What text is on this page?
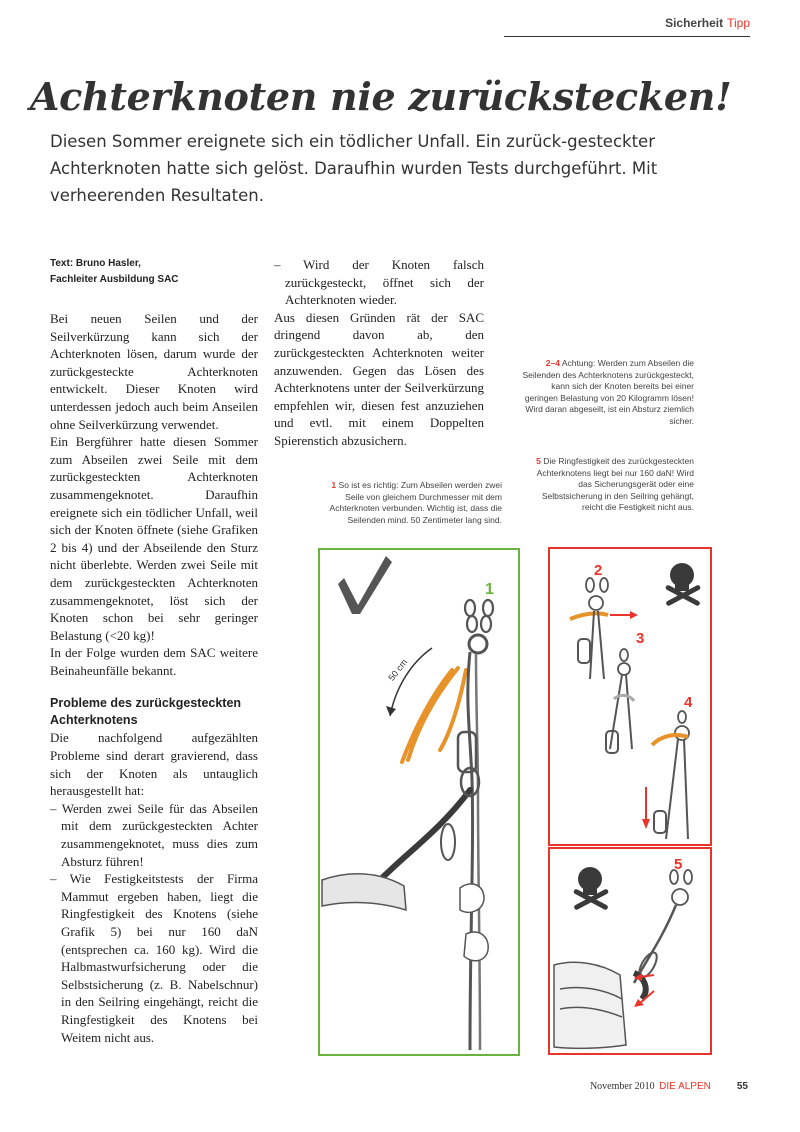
Sicherheit Tipp
Achterknoten nie zurückstecken!

Diesen Sommer ereignete sich ein tödlicher Unfall. Ein zurück-gesteckter Achterknoten hatte sich gelöst. Daraufhin wurden Tests durchgeführt. Mit verheerenden Resultaten.

Text: Bruno Hasler,
Fachleiter Ausbildung SAC

Bei neuen Seilen und der Seilverkürzung kann sich der Achterknoten lösen, darum wurde der zurückgesteckte Achterknoten entwickelt. Dieser Knoten wird unterdessen jedoch auch beim Anseilen ohne Seilverkürzung verwendet.

Ein Bergführer hatte diesen Sommer zum Abseilen zwei Seile mit dem zurückgesteckten Achterknoten zusammengeknotet. Daraufhin ereignete sich ein tödlicher Unfall, weil sich der Knoten öffnete (siehe Grafiken 2 bis 4) und der Abseilende den Sturz nicht überlebte. Werden zwei Seile mit dem zurückgesteckten Achterknoten zusammengeknotet, löst sich der Knoten schon bei sehr geringer Belastung (<20 kg)!

In der Folge wurden dem SAC weitere Beinaheunfälle bekannt.

Probleme des zurückgesteckten Achterknotens

Die nachfolgend aufgezählten Probleme sind derart gravierend, dass sich der Knoten als untauglich herausgestellt hat:

– Werden zwei Seile für das Abseilen mit dem zurückgesteckten Achter zusammengeknotet, muss dies zum Absturz führen!

– Wie Festigkeitstests der Firma Mammut ergeben haben, liegt die Ringfestigkeit des Knotens (siehe Grafik 5) bei nur 160 daN (entsprechen ca. 160 kg). Wird die Halbmastwurfsicherung oder die Selbstsicherung (z. B. Nabelschnur) in den Seilring eingehängt, reicht die Ringfestigkeit des Knotens bei Weitem nicht aus.

– Wird der Knoten falsch zurückgesteckt, öffnet sich der Achterknoten wieder.

Aus diesen Gründen rät der SAC dringend davon ab, den zurückgesteckten Achterknoten weiter anzuwenden. Gegen das Lösen des Achterknotens unter der Seilverkürzung empfehlen wir, diesen fest anzuziehen und evtl. mit einem Doppelten Spierenstich abzusichern.

1 So ist es richtig: Zum Abseilen werden zwei Seile von gleichem Durchmesser mit dem Achterknoten verbunden. Wichtig ist, dass die Seilenden mind. 50 Zentimeter lang sind.

2–4 Achtung: Werden zum Abseilen die Seilenden des Achterknotens zurückgesteckt, kann sich der Knoten bereits bei einer geringen Belastung von 20 Kilogramm lösen! Wird daran abgeseilt, ist ein Absturz ziemlich sicher.

5 Die Ringfestigkeit des zurückgesteckten Achterknotens liegt bei nur 160 daN! Wird das Sicherungsgerät oder eine Selbstsicherung in den Seilring gehängt, reicht die Festigkeit nicht aus.

1
50 cm
2
3
4
5
November 2010 DIE ALPEN	55
